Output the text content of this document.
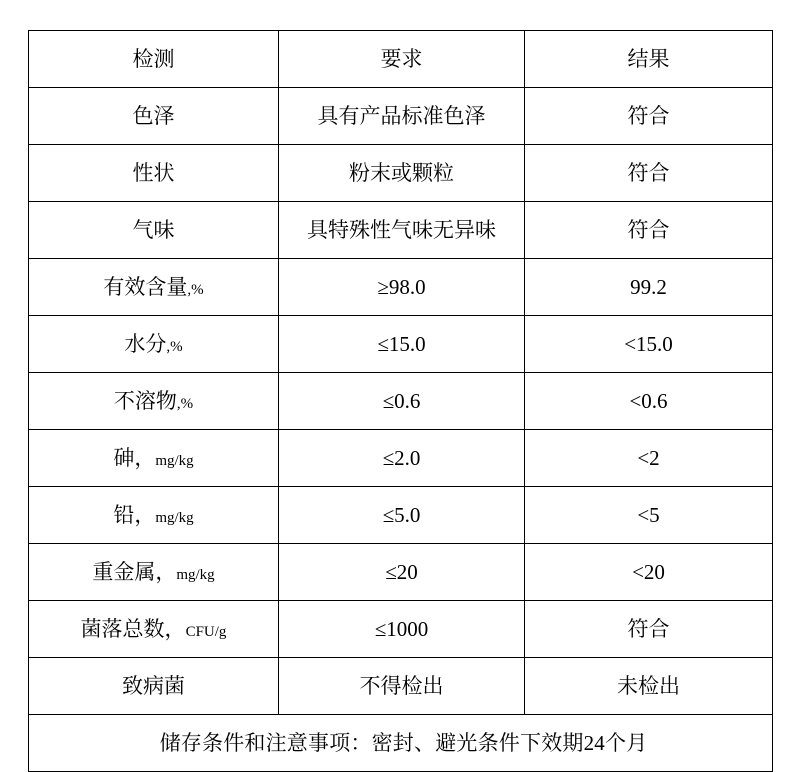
检测	要求	结果

色泽	具有产品标准色泽	符合

性状	粉末或颗粒	符合

气味	具特殊性气味无异味	符合

有效含量,%	≥98.0	99.2

水分,%	≤15.0	<15.0

不溶物,%	≤0.6	<0.6

砷，mg/kg	≤2.0	<2

铅，mg/kg	≤5.0	<5

重金属，mg/kg	≤20	<20

菌落总数，CFU/g	≤1000	符合

致病菌	不得检出	未检出

储存条件和注意事项：密封、避光条件下效期24个月		
